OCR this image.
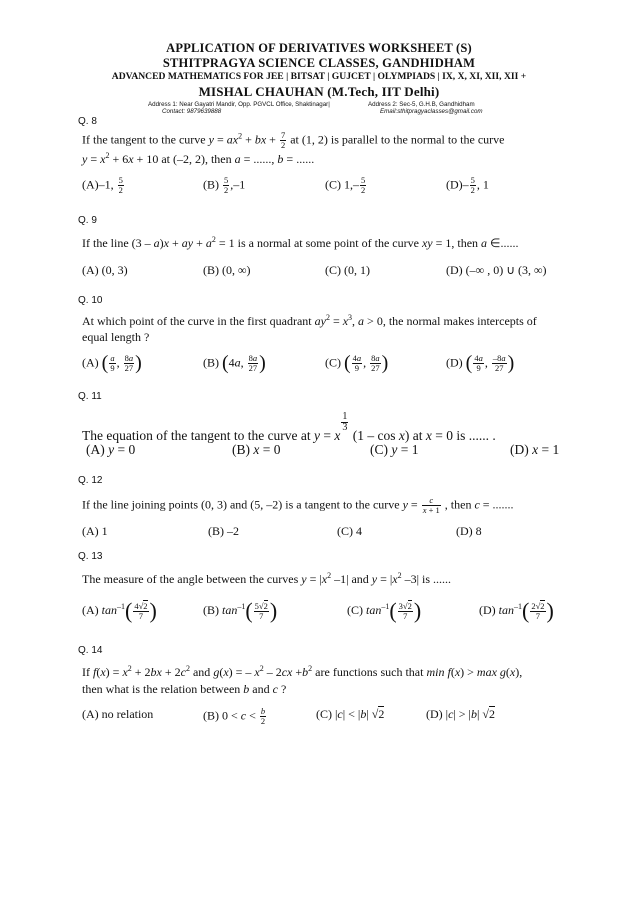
APPLICATION OF DERIVATIVES WORKSHEET (S)
STHITPRAGYA SCIENCE CLASSES, GANDHIDHAM
ADVANCED MATHEMATICS FOR JEE | BITSAT | GUJCET | OLYMPIADS | IX, X, XI, XII, XII +
MISHAL CHAUHAN (M.Tech, IIT Delhi)
Address 1: Near Gayatri Mandir, Opp. PGVCL Office, Shaktinagar|	Address 2: Sec-5, G.H.B, Gandhidham
Contact: 9879639888	Email:sthitpragyaclasses@gmail.com
Q. 8
If the tangent to the curve $y = ax^2$ + bx + $\frac{7}{2}$ at (1, 2) is parallel to the normal to the curve
$y = x^2 + 6x + 10$ at (–2, 2), then a = ......, b = ......
(A)–1, $\frac{5}{2}$	$(B) \frac{5}{2} ,-1$	(C) $1,- \frac{5}{2}$	$(D)- \frac{5}{2}$ , 1
Q. 9
If the line (3 – a)x + ay + $a^2 = 1$ is a normal at some point of the curve xy = 1, then a ∈......
(A) (0, 3)	(B) (0, ∞)	(C) (0, 1)	(D) (–∞ , 0) ∪ (3, ∞)
Q. 10
At which point of the curve in the first quadrant $ay^2 = x^3$, a > 0, the normal makes intercepts of
equal length ?
(A) ( $\frac{a}{9}$ , $\frac{8a}{27}$ )	(B) (4a, $\frac{8a}{27}$ )	(C) ( $\frac{4a}{9}$ , $\frac{8a}{27}$ )	(D) ( $\frac{4a}{9}$ , $\frac{-8a}{27}$ )
Q. 11
The equation of the tangent to the curve at y = x
$\frac{1}{3}$
(1 – cos x) at x = 0 is ...... .
(A) y = 0	(B) x = 0	(C) y = 1	(D) x = 1
Q. 12
If the line joining points (0, 3) and (5, –2) is a tangent to the curve $y = \frac{c}{x + 1}$ , then c = .......
(A) 1	(B) –2	(C) 4	(D) 8
Q. 13
The measure of the angle between the curves $y = |x^2$ –1| and $y = |x^2$ –3| is ......
(A) $\tan^{-1}( \frac{4√2}{7}$ )	(B) $\tan^{-1}( \frac{5√2}{7}$ )	(C) $\tan^{-1}( \frac{3√2}{7}$ )	(D) $\tan^{-1}( \frac{2√2}{7}$ )
Q. 14
If $f(x) = x^2 + 2bx + 2c^2$ and g(x) = – $x^2 - 2cx +b^2$ are functions such that min f(x) > max g(x),
then what is the relation between b and c ?
(A) no relation	(B) $0 < c < \frac{b}{2}$	(C) |c| < |b| √2	(D) |c| > |b| √2
